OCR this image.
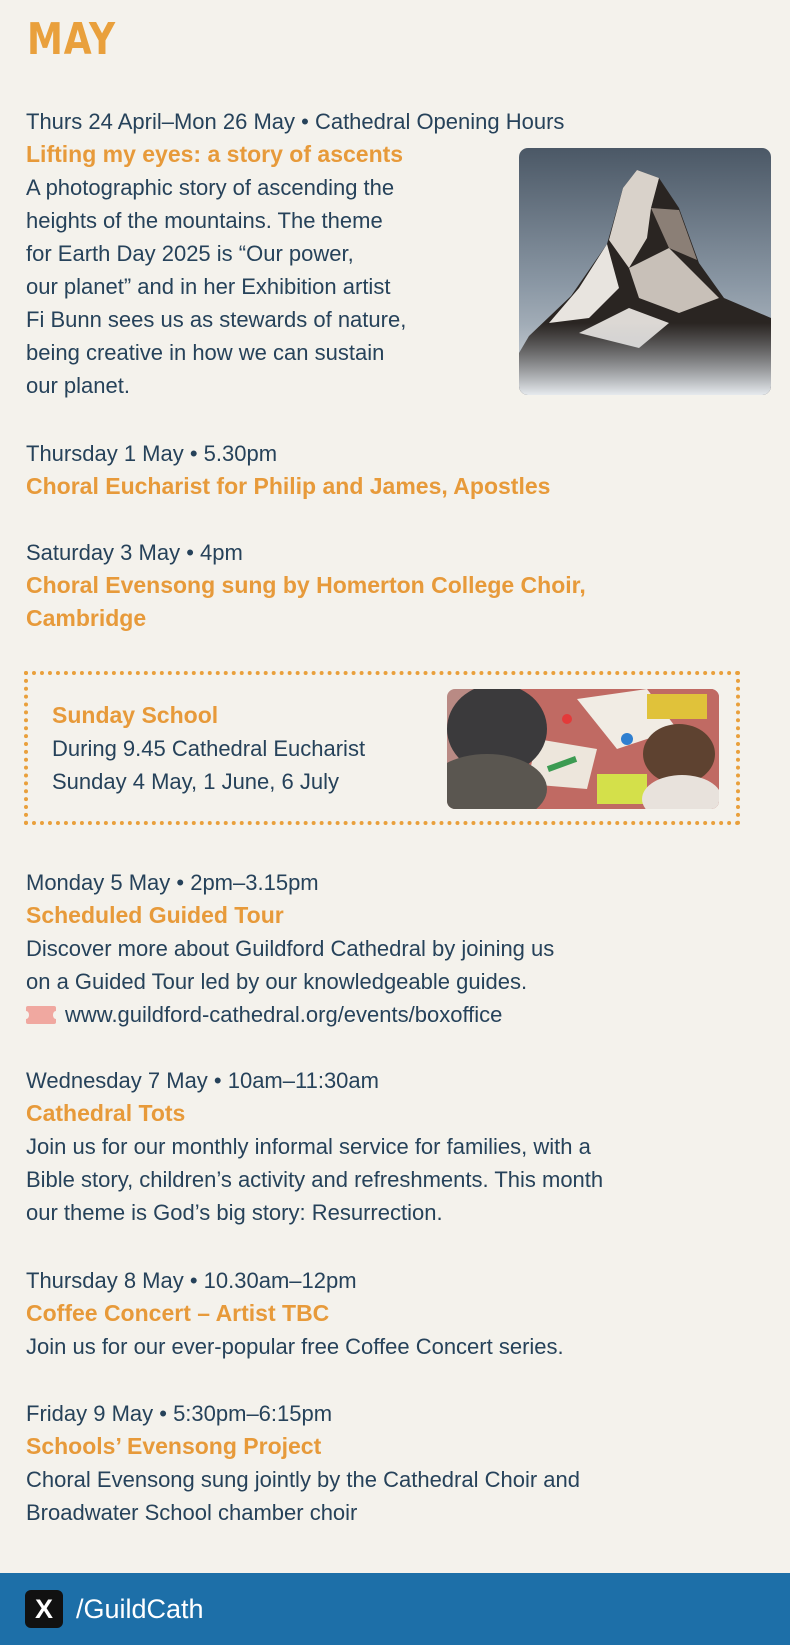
MAY
Thurs 24 April–Mon 26 May • Cathedral Opening Hours
Lifting my eyes: a story of ascents
A photographic story of ascending the
heights of the mountains. The theme
for Earth Day 2025 is “Our power,
our planet” and in her Exhibition artist
Fi Bunn sees us as stewards of nature,
being creative in how we can sustain
our planet.
Thursday 1 May • 5.30pm
Choral Eucharist for Philip and James, Apostles
Saturday 3 May • 4pm
Choral Evensong sung by Homerton College Choir,
Cambridge
Sunday School
During 9.45 Cathedral Eucharist
Sunday 4 May, 1 June, 6 July
Monday 5 May • 2pm–3.15pm
Scheduled Guided Tour
Discover more about Guildford Cathedral by joining us
on a Guided Tour led by our knowledgeable guides.
www.guildford-cathedral.org/events/boxoffice
Wednesday 7 May • 10am–11:30am
Cathedral Tots
Join us for our monthly informal service for families, with a
Bible story, children’s activity and refreshments. This month
our theme is God’s big story: Resurrection.
Thursday 8 May • 10.30am–12pm
Coffee Concert – Artist TBC
Join us for our ever-popular free Coffee Concert series.
Friday 9 May • 5:30pm–6:15pm
Schools’ Evensong Project
Choral Evensong sung jointly by the Cathedral Choir and
Broadwater School chamber choir
X /GuildCath
